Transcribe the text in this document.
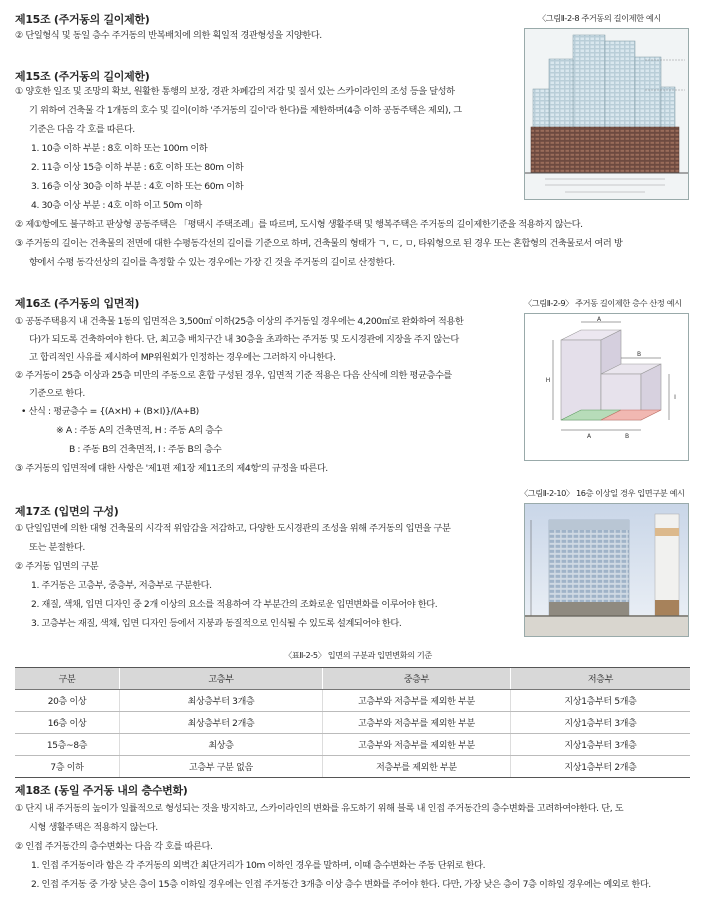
제15조 (주거동의 길이제한)
② 단일형식 및 동일 층수 주거동의 반복배치에 의한 획일적 경관형성을 지양한다.
〈그림Ⅱ-2-8 주거동의 길이제한 예시
제15조 (주거동의 길이제한)
① 양호한 일조 및 조망의 확보, 원활한 통행의 보장, 경관 차폐감의 저감 및 질서 있는 스카이라인의 조성 등을 달성하
기 위하여 건축물 각 1개동의 호수 및 길이(이하 '주거동의 길이'라 한다)를 제한하며(4층 이하 공동주택은 제외), 그
기준은 다음 각 호를 따른다.
1. 10층 이하 부분 : 8호 이하 또는 100m 이하
2. 11층 이상 15층 이하 부분 : 6호 이하 또는 80m 이하
3. 16층 이상 30층 이하 부분 : 4호 이하 또는 60m 이하
4. 30층 이상 부분 : 4호 이하 이고 50m 이하
② 제①항에도 불구하고 판상형 공동주택은 「평택시 주택조례」를 따르며, 도시형 생활주택 및 행복주택은 주거동의 길이제한기준을 적용하지 않는다.
③ 주거동의 길이는 건축물의 전면에 대한 수평동각선의 길이를 기준으로 하며, 건축물의 형태가 ㄱ, ㄷ, ㅁ, 타워형으로 된 경우 또는 혼합형의 건축물로서 여러 방
향에서 수평 동각선상의 길이를 측정할 수 있는 경우에는 가장 긴 것을 주거동의 길이로 산정한다.
제16조 (주거동의 입면적)
① 공동주택용지 내 건축물 1동의 입면적은 3,500㎡ 이하(25층 이상의 주거동일 경우에는 4,200㎡로 완화하여 적용한
다)가 되도록 건축하여야 한다. 단, 최고층 배치구간 내 30층을 초과하는 주거동 및 도시경관에 지장을 주지 않는다
고 합리적인 사유를 제시하여 MP위원회가 인정하는 경우에는 그러하지 아니한다.
② 주거동이 25층 이상과 25층 미만의 주동으로 혼합 구성된 경우, 입면적 기준 적용은 다음 산식에 의한 평균층수를
기준으로 한다.
• 산식 : 평균층수 = {(A×H) + (B×I)}/(A+B)
※ A : 주동 A의 건축면적, H : 주동 A의 층수
B : 주동 B의 건축면적, I : 주동 B의 층수
③ 주거동의 입면적에 대한 사항은 '제1편 제1장 제11조의 제4항'의 규정을 따른다.
〈그림Ⅱ-2-9〉 주거동 길이제한 층수 산정 예시
A
B
H
I
A	B
제17조 (입면의 구성)
① 단일입면에 의한 대형 건축물의 시각적 위압감을 저감하고, 다양한 도시경관의 조성을 위해 주거동의 입면을 구분
또는 분절한다.
② 주거동 입면의 구분
1. 주거동은 고층부, 중층부, 저층부로 구분한다.
2. 재질, 색채, 입면 디자인 중 2개 이상의 요소를 적용하여 각 부분간의 조화로운 입면변화를 이루어야 한다.
3. 고층부는 재질, 색채, 입면 디자인 등에서 지붕과 동질적으로 인식될 수 있도록 설계되어야 한다.
〈그림Ⅱ-2-10〉 16층 이상일 경우 입면구분 예시
〈표Ⅱ-2-5〉 입면의 구분과 입면변화의 기준
구분	고층부	중층부	저층부
20층 이상	최상층부터 3개층	고층부와 저층부를 제외한 부분	지상1층부터 5개층
16층 이상	최상층부터 2개층	고층부와 저층부를 제외한 부분	지상1층부터 3개층
15층~8층	최상층	고층부와 저층부를 제외한 부분	지상1층부터 3개층
7층 이하	고층부 구분 없음	저층부를 제외한 부분	지상1층부터 2개층
제18조 (동일 주거동 내의 층수변화)
① 단지 내 주거동의 높이가 일률적으로 형성되는 것을 방지하고, 스카이라인의 변화를 유도하기 위해 블록 내 인접 주거동간의 층수변화를 고려하여야한다. 단, 도
시형 생활주택은 적용하지 않는다.
② 인접 주거동간의 층수변화는 다음 각 호를 따른다.
1. 인접 주거동이라 함은 각 주거동의 외벽간 최단거리가 10m 이하인 경우를 말하며, 이때 층수변화는 주동 단위로 한다.
2. 인접 주거동 중 가장 낮은 층이 15층 이하일 경우에는 인접 주거동간 3개층 이상 층수 변화를 주어야 한다. 다만, 가장 낮은 층이 7층 이하일 경우에는 예외로 한다.
